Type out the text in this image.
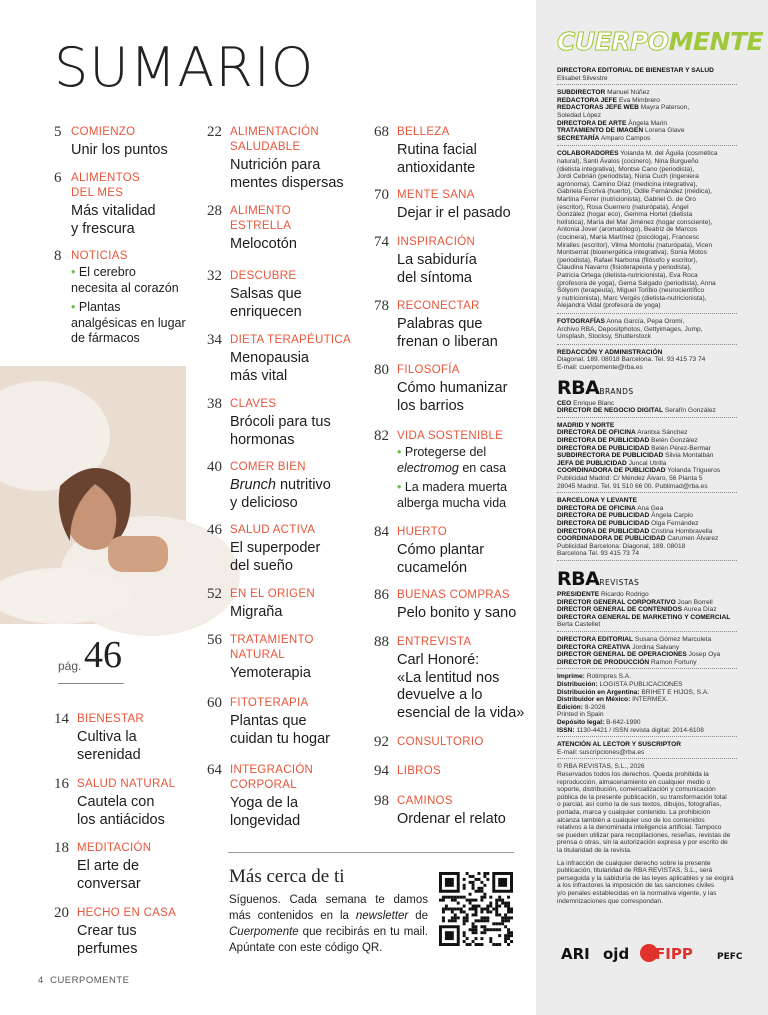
SUMARIO
5 COMIENZO
Unir los puntos
6 ALIMENTOS
DEL MES
Más vitalidad
y frescura
8 NOTICIAS
• El cerebro
necesita al corazón
• Plantas
analgésicas en lugar
de fármacos
pág. 46
14 BIENESTAR
Cultiva la
serenidad
16 SALUD NATURAL
Cautela con
los antiácidos
18 MEDITACIÓN
El arte de
conversar
20 HECHO EN CASA
Crear tus
perfumes
22 ALIMENTACIÓN
SALUDABLE
Nutrición para
mentes dispersas
28 ALIMENTO
ESTRELLA
Melocotón
32 DESCUBRE
Salsas que
enriquecen
34 DIETA TERAPÉUTICA
Menopausia
más vital
38 CLAVES
Brócoli para tus
hormonas
40 COMER BIEN
Brunch nutritivo
y delicioso
46 SALUD ACTIVA
El superpoder
del sueño
52 EN EL ORIGEN
Migraña
56 TRATAMIENTO
NATURAL
Yemoterapia
60 FITOTERAPIA
Plantas que
cuidan tu hogar
64 INTEGRACIÓN
CORPORAL
Yoga de la
longevidad
68 BELLEZA
Rutina facial
antioxidante
70 MENTE SANA
Dejar ir el pasado
74 INSPIRACIÓN
La sabiduría
del síntoma
78 RECONECTAR
Palabras que
frenan o liberan
80 FILOSOFÍA
Cómo humanizar
los barrios
82 VIDA SOSTENIBLE
• Protegerse del
electromog en casa
• La madera muerta
alberga mucha vida
84 HUERTO
Cómo plantar
cucamelón
86 BUENAS COMPRAS
Pelo bonito y sano
88 ENTREVISTA
Carl Honoré:
«La lentitud nos
devuelve a lo
esencial de la vida»
92 CONSULTORIO
94 LIBROS
98 CAMINOS
Ordenar el relato
Más cerca de ti
Síguenos. Cada semana te damos más contenidos en la newsletter de Cuerpomente que recibirás en tu mail. Apúntate con este código QR.
4 CUERPOMENTE
CUERPOMENTE
DIRECTORA EDITORIAL DE BIENESTAR Y SALUD
Elisabet Silvestre
SUBDIRECTOR Manuel Núñez
REDACTORA JEFE Eva Mimbrero
REDACTORAS JEFE WEB Mayra Paterson,
Soledad López
DIRECTORA DE ARTE Àngela Marin
TRATAMIENTO DE IMAGEN Lorena Glave
SECRETARÍA Amparo Campos
COLABORADORES Yolanda M. del Águila (cosmética
natural), Santi Ávalos (cocinero), Nina Burgueño
(dietista integrativa), Montse Cano (periodista),
Jordi Cebrián (periodista), Núria Cuch (ingeniera
agrónoma), Camino Díaz (medicina integrativa),
Gabriela Escrivá (huerto), Odile Fernández (médica),
Martina Ferrer (nutricionista), Gabriel G. de Oro
(escritor), Rosa Guerrero (naturópata), Ángel
González (hogar eco), Gemma Hortet (dietista
holística), María del Mar Jiménez (hogar consciente),
Antonia Jover (aromatólogo), Beatriz de Marcos
(cocinera), María Martínez (psicóloga), Francesc
Miralles (escritor), Vilma Montoliu (naturópata), Vicen
Montserrat (bioenergética integrativa), Sonia Motos
(periodista), Rafael Narbona (filósofo y escritor),
Claudina Navarro (fisioterapeuta y periodista),
Patricia Ortega (dietista-nutricionista), Eva Roca
(profesora de yoga), Gema Salgado (periodista), Anna
Sólyom (terapeuta), Miguel Toribio (neurocientífico
y nutricionista), Marc Vergés (dietista-nutricionista),
Alejandra Vidal (profesora de yoga)
FOTOGRAFÍAS Anna García, Pepa Oromí,
Archivo RBA, Depositphotos, Gettyimages, Jump,
Unsplash, Stocksy, Shutterstock
REDACCIÓN Y ADMINISTRACIÓN
Diagonal, 189. 08018 Barcelona. Tel. 93 415 73 74
E-mail: cuerpomente@rba.es
RBABRANDS
CEO Enrique Blanc
DIRECTOR DE NEGOCIO DIGITAL Serafín González
MADRID Y NORTE
DIRECTORA DE OFICINA Arantxa Sánchez
DIRECTORA DE PUBLICIDAD Belén González
DIRECTORA DE PUBLICIDAD Belén Pérez-Bermar
SUBDIRECTORA DE PUBLICIDAD Silvia Montalbán
JEFA DE PUBLICIDAD Juncal Utrilla
COORDINADORA DE PUBLICIDAD Yolanda Trigueros
Publicidad Madrid: C/ Méndez Álvaro, 56 Planta 5
28045 Madrid. Tel. 91 510 66 00. Publimad@rba.es
BARCELONA Y LEVANTE
DIRECTORA DE OFICINA Ana Gea
DIRECTORA DE PUBLICIDAD Àngela Carpio
DIRECTORA DE PUBLICIDAD Olga Fernández
DIRECTORA DE PUBLICIDAD Cristina Hombravella
COORDINADORA DE PUBLICIDAD Carumen Álvarez
Publicidad Barcelona: Diagonal, 189. 08018
Barcelona Tel. 93 415 73 74
RBAREVISTAS
PRESIDENTE Ricardo Rodrigo
DIRECTOR GENERAL CORPORATIVO Joan Borrell
DIRECTOR GENERAL DE CONTENIDOS Aurea Díaz
DIRECTORA GENERAL DE MARKETING Y COMERCIAL
Berta Castellet
DIRECTORA EDITORIAL Susana Gómez Marculeta
DIRECTORA CREATIVA Jordina Salvany
DIRECTOR GENERAL DE OPERACIONES Josep Oya
DIRECTOR DE PRODUCCIÓN Ramon Fortuny
Imprime: Rotimpres S.A.
Distribución: LOGISTA PUBLICACIONES
Distribución en Argentina: BRIHET E HIJOS, S.A.
Distribuidor en México: INTERMEX.
Edición: 8-2026
Printed in Spain
Depósito legal: B-642-1990
ISSN: 1130-4421 / ISSN revista digital: 2014-6108
ATENCIÓN AL LECTOR Y SUSCRIPTOR
E-mail: suscripciones@rba.es
© RBA REVISTAS, S.L., 2026
Reservados todos los derechos. Queda prohibida la
reproducción, almacenamiento en cualquier medio o
soporte, distribución, comercialización y comunicación
pública de la presente publicación, su transformación total
o parcial, así como la de sus textos, dibujos, fotografías,
portada, marca y cualquier contenido. La prohibición
alcanza también a cualquier uso de los contenidos
relativos a la denominada inteligencia artificial. Tampoco
se pueden utilizar para recopilaciones, reseñas, revistas de
prensa o otras, sin la autorización expresa y por escrito de
la titularidad de la revista.
La infracción de cualquier derecho sobre la presente
publicación, titularidad de RBA REVISTAS, S.L., será
perseguida y la sabiduría de las leyes aplicables y se exigirá
a los infractores la imposición de las sanciones civiles
y/o penales establecidas en la normativa vigente, y las
indemnizaciones que correspondan.
ARI ojd FIPP	PEFC
